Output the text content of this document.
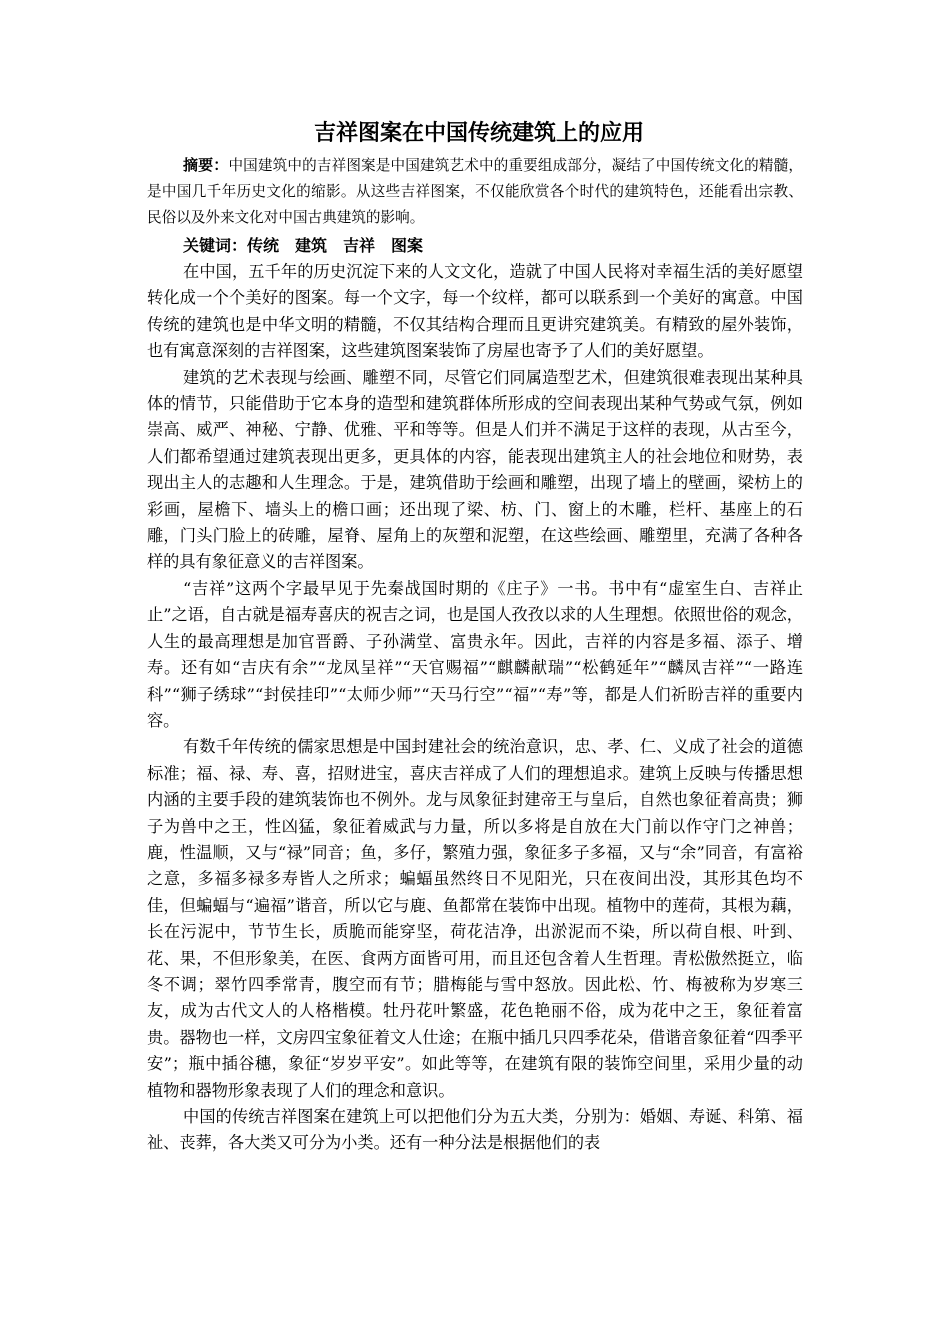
吉祥图案在中国传统建筑上的应用

摘要：中国建筑中的吉祥图案是中国建筑艺术中的重要组成部分，凝结了中国传统文化的精髓，是中国几千年历史文化的缩影。从这些吉祥图案，不仅能欣赏各个时代的建筑特色，还能看出宗教、民俗以及外来文化对中国古典建筑的影响。

关键词：传统　建筑　吉祥　图案

在中国，五千年的历史沉淀下来的人文文化，造就了中国人民将对幸福生活的美好愿望转化成一个个美好的图案。每一个文字，每一个纹样，都可以联系到一个美好的寓意。中国传统的建筑也是中华文明的精髓，不仅其结构合理而且更讲究建筑美。有精致的屋外装饰，也有寓意深刻的吉祥图案，这些建筑图案装饰了房屋也寄予了人们的美好愿望。

建筑的艺术表现与绘画、雕塑不同，尽管它们同属造型艺术，但建筑很难表现出某种具体的情节，只能借助于它本身的造型和建筑群体所形成的空间表现出某种气势或气氛，例如崇高、威严、神秘、宁静、优雅、平和等等。但是人们并不满足于这样的表现，从古至今，人们都希望通过建筑表现出更多，更具体的内容，能表现出建筑主人的社会地位和财势，表现出主人的志趣和人生理念。于是，建筑借助于绘画和雕塑，出现了墙上的壁画，梁枋上的彩画，屋檐下、墙头上的檐口画；还出现了梁、枋、门、窗上的木雕，栏杆、基座上的石雕，门头门脸上的砖雕，屋脊、屋角上的灰塑和泥塑，在这些绘画、雕塑里，充满了各种各样的具有象征意义的吉祥图案。

“吉祥”这两个字最早见于先秦战国时期的《庄子》一书。书中有“虚室生白、吉祥止止”之语，自古就是福寿喜庆的祝吉之词，也是国人孜孜以求的人生理想。依照世俗的观念，人生的最高理想是加官晋爵、子孙满堂、富贵永年。因此，吉祥的内容是多福、添子、增寿。还有如“吉庆有余”“龙凤呈祥”“天官赐福”“麒麟献瑞”“松鹤延年”“麟凤吉祥”“一路连科”“狮子绣球”“封侯挂印”“太师少师”“天马行空”“福”“寿”等，都是人们祈盼吉祥的重要内容。

有数千年传统的儒家思想是中国封建社会的统治意识，忠、孝、仁、义成了社会的道德标准；福、禄、寿、喜，招财进宝，喜庆吉祥成了人们的理想追求。建筑上反映与传播思想内涵的主要手段的建筑装饰也不例外。龙与凤象征封建帝王与皇后，自然也象征着高贵；狮子为兽中之王，性凶猛，象征着威武与力量，所以多将是自放在大门前以作守门之神兽；鹿，性温顺，又与“禄”同音；鱼，多仔，繁殖力强，象征多子多福，又与“余”同音，有富裕之意，多福多禄多寿皆人之所求；蝙蝠虽然终日不见阳光，只在夜间出没，其形其色均不佳，但蝙蝠与“遍福”谐音，所以它与鹿、鱼都常在装饰中出现。植物中的莲荷，其根为藕，长在污泥中，节节生长，质脆而能穿坚，荷花洁净，出淤泥而不染，所以荷自根、叶到、花、果，不但形象美，在医、食两方面皆可用，而且还包含着人生哲理。青松傲然挺立，临冬不调；翠竹四季常青，腹空而有节；腊梅能与雪中怒放。因此松、竹、梅被称为岁寒三友，成为古代文人的人格楷模。牡丹花叶繁盛，花色艳丽不俗，成为花中之王，象征着富贵。器物也一样，文房四宝象征着文人仕途；在瓶中插几只四季花朵，借谐音象征着“四季平安”；瓶中插谷穗，象征“岁岁平安”。如此等等，在建筑有限的装饰空间里，采用少量的动植物和器物形象表现了人们的理念和意识。

中国的传统吉祥图案在建筑上可以把他们分为五大类，分别为：婚姻、寿诞、科第、福祉、丧葬，各大类又可分为小类。还有一种分法是根据他们的表
